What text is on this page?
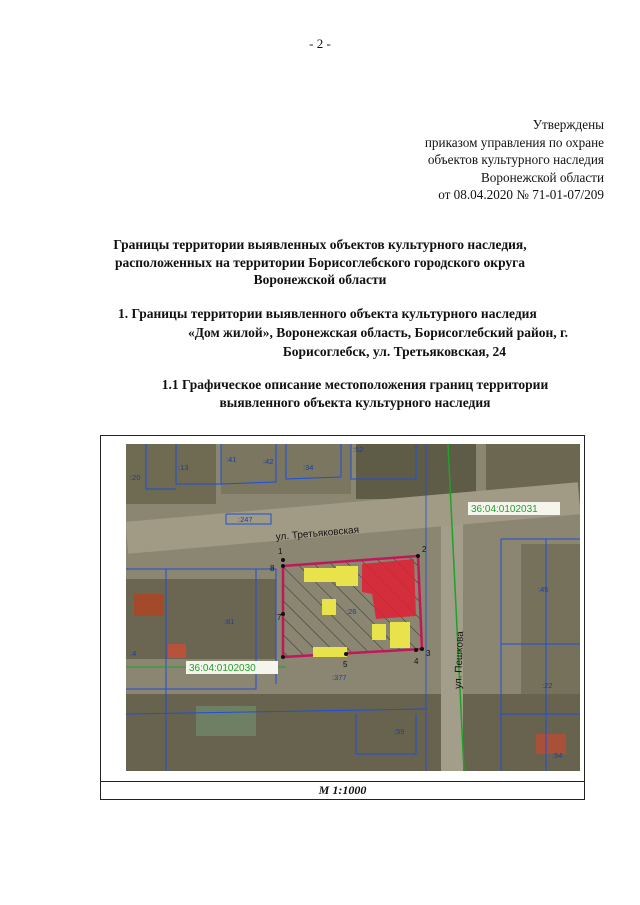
- 2 -
Утверждены
приказом управления по охране
объектов культурного наследия
Воронежской области
от 08.04.2020 № 71-01-07/209
Границы территории выявленных объектов культурного наследия,
расположенных на территории Борисоглебского городского округа
Воронежской области
1. Границы территории выявленного объекта культурного наследия
«Дом жилой», Воронежская область, Борисоглебский район, г.
Борисоглебск, ул. Третьяковская, 24
1.1 Графическое описание местоположения границ территории
выявленного объекта культурного наследия
1	2
3
4
5
7
8
ул. Третьяковская
ул. Пешкова
36:04:0102031
36:04:0102030
:20
:13
:41	:42
:34
:52
:247
:81
:26
:377
:59
:45
:4
:54
:22
М 1:1000
